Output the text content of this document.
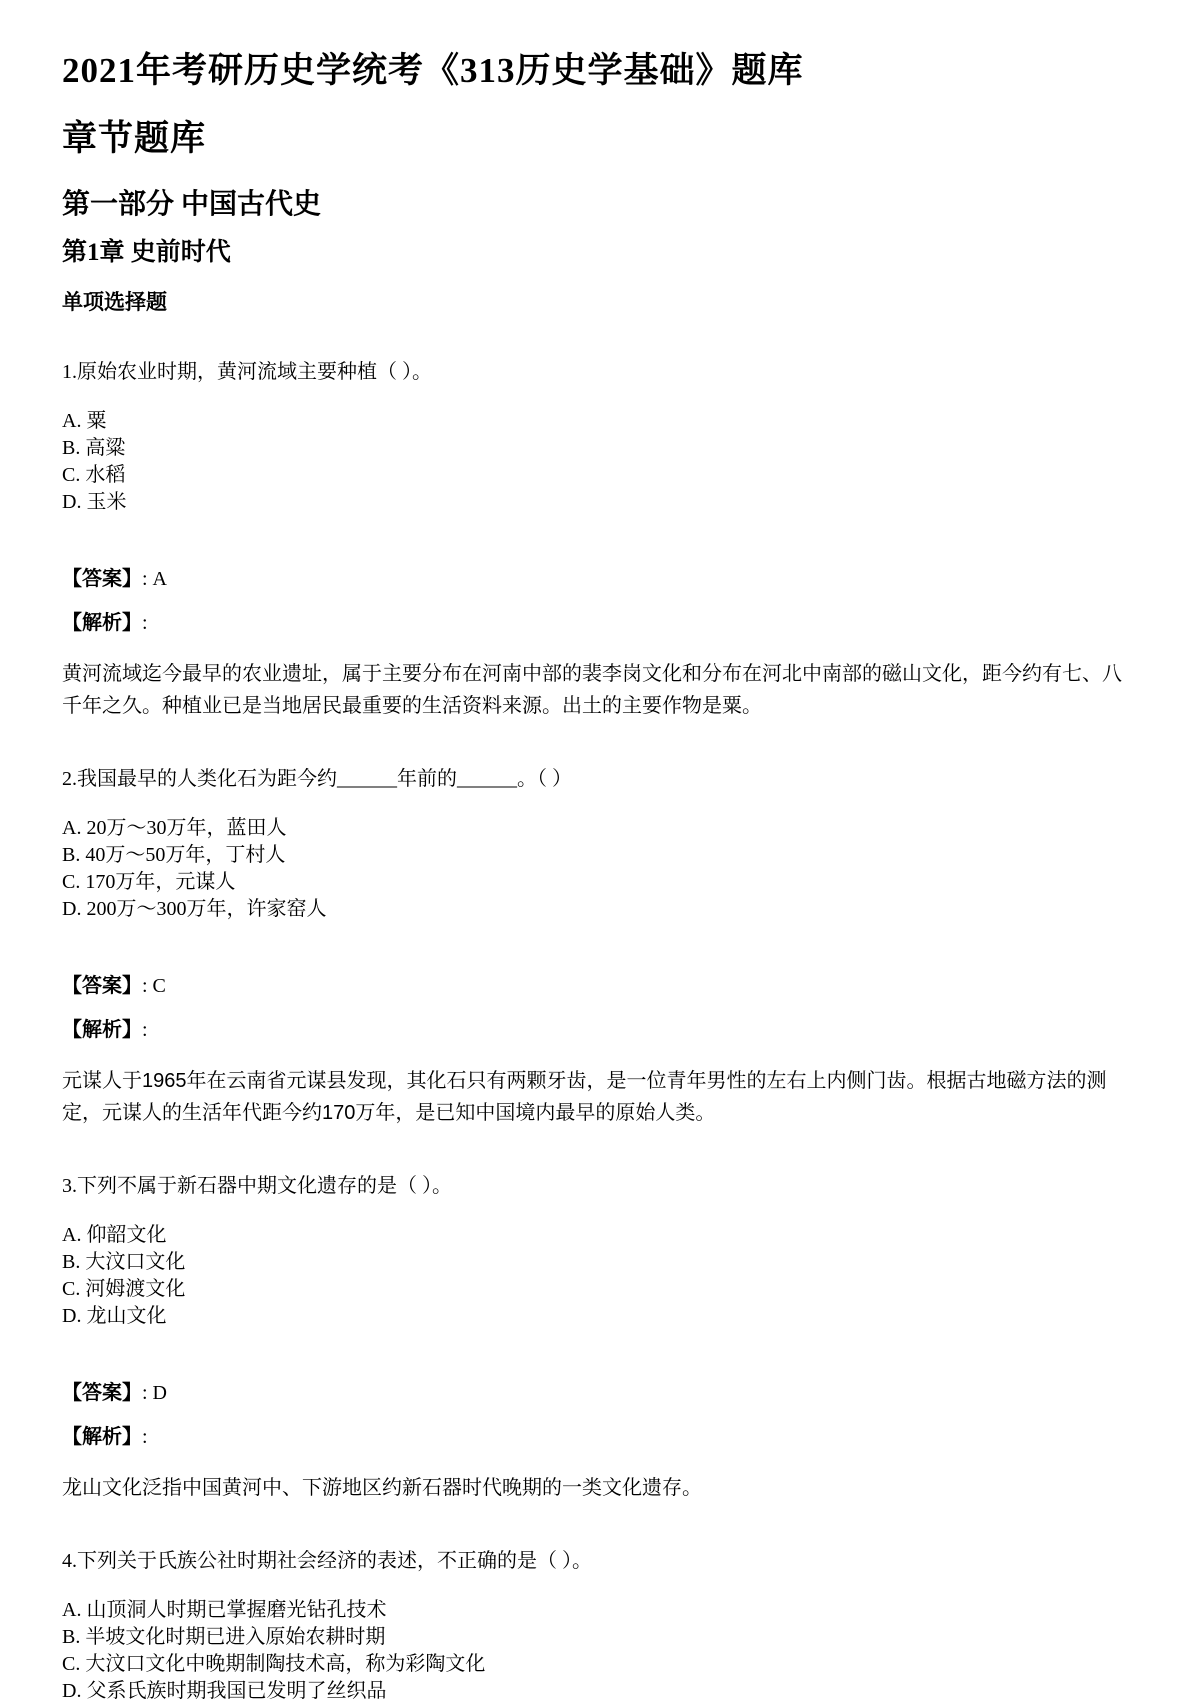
2021年考研历史学统考《313历史学基础》题库
章节题库
第一部分 中国古代史
第1章 史前时代
单项选择题

1.原始农业时期，黄河流域主要种植（ ）。

A. 粟
B. 高粱
C. 水稻
D. 玉米

【答案】: A

【解析】:

黄河流域迄今最早的农业遗址，属于主要分布在河南中部的裴李岗文化和分布在河北中南部的磁山文化，距今约有七、八千年之久。种植业已是当地居民最重要的生活资料来源。出土的主要作物是粟。

2.我国最早的人类化石为距今约______年前的______。（ ）

A. 20万～30万年，蓝田人
B. 40万～50万年，丁村人
C. 170万年，元谋人
D. 200万～300万年，许家窑人

【答案】: C

【解析】:

元谋人于1965年在云南省元谋县发现，其化石只有两颗牙齿，是一位青年男性的左右上内侧门齿。根据古地磁方法的测定，元谋人的生活年代距今约170万年，是已知中国境内最早的原始人类。

3.下列不属于新石器中期文化遗存的是（ ）。

A. 仰韶文化
B. 大汶口文化
C. 河姆渡文化
D. 龙山文化

【答案】: D

【解析】:

龙山文化泛指中国黄河中、下游地区约新石器时代晚期的一类文化遗存。

4.下列关于氏族公社时期社会经济的表述，不正确的是（ ）。

A. 山顶洞人时期已掌握磨光钻孔技术
B. 半坡文化时期已进入原始农耕时期
C. 大汶口文化中晚期制陶技术高，称为彩陶文化
D. 父系氏族时期我国已发明了丝织品
